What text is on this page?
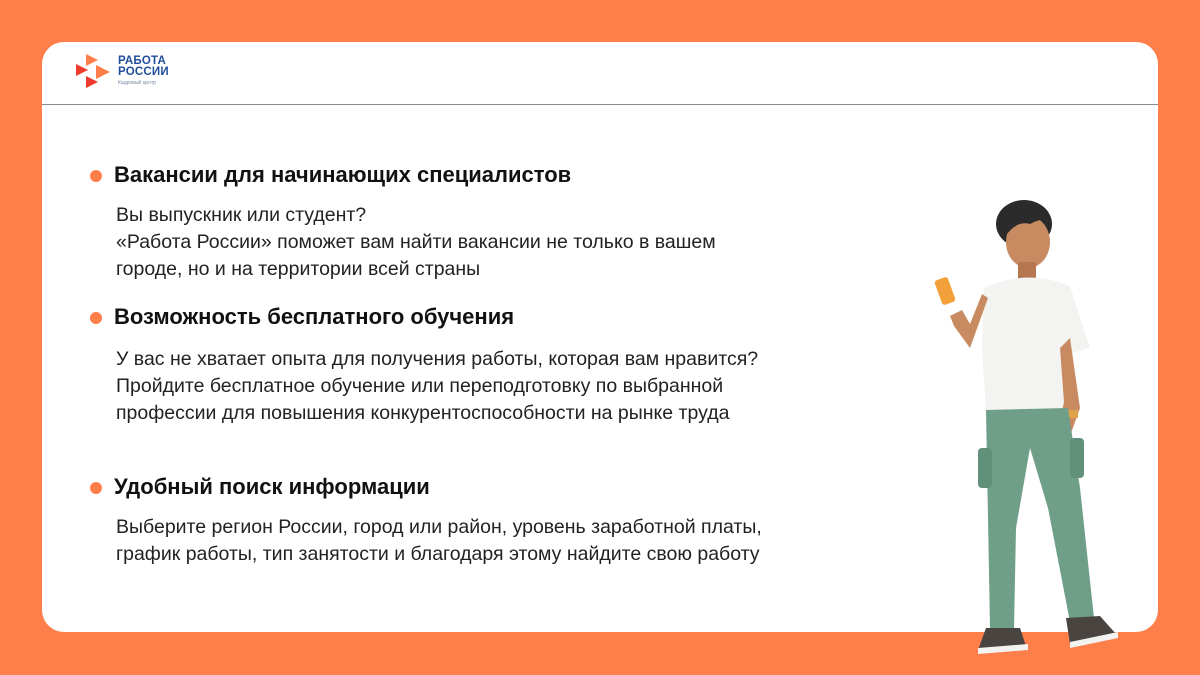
РАБОТА
РОССИИ
Кадровый центр
Вакансии для начинающих специалистов
Вы выпускник или студент?
«Работа России» поможет вам найти вакансии не только в вашем
городе, но и на территории всей страны
Возможность бесплатного обучения
У вас не хватает опыта для получения работы, которая вам нравится?
Пройдите бесплатное обучение или переподготовку по выбранной
профессии для повышения конкурентоспособности на рынке труда
Удобный поиск информации
Выберите регион России, город или район, уровень заработной платы,
график работы, тип занятости и благодаря этому найдите свою работу
